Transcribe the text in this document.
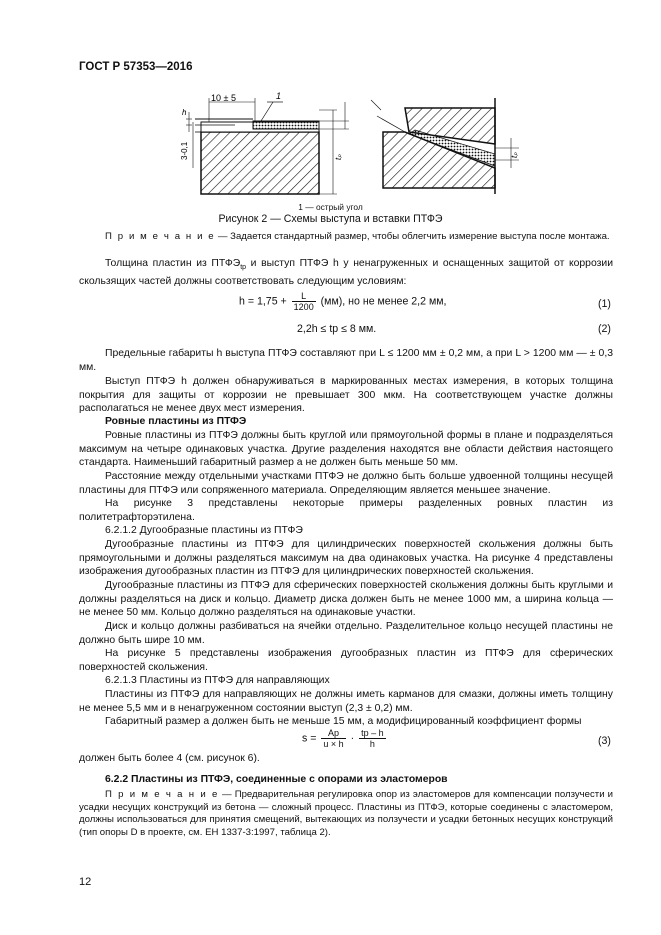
ГОСТ Р 57353—2016
10 ± 5	1
h
3-0,1	tₚ	tₚ
1 — острый угол
Рисунок 2 — Схемы выступа и вставки ПТФЭ
П р и м е ч а н и е — Задается стандартный размер, чтобы облегчить измерение выступа после монтажа.
Толщина пластин из $ПТФЭ_{tp}$ и выступ ПТФЭ h у ненагруженных и оснащенных защитой от коррозии скользящих частей должны соответствовать следующим условиям:
$h = 1,75 + \frac{L}{1200} (мм)$, но не менее 2,2 мм,	(1)
2,2h ≤ tp ≤ 8 мм.	(2)
Предельные габариты h выступа ПТФЭ составляют при L ≤ 1200 мм ± 0,2 мм, а при L > 1200 мм — ± 0,3 мм.
Выступ ПТФЭ h должен обнаруживаться в маркированных местах измерения, в которых толщина покрытия для защиты от коррозии не превышает 300 мкм. На соответствующем участке должны располагаться не менее двух мест измерения.
Ровные пластины из ПТФЭ
Ровные пластины из ПТФЭ должны быть круглой или прямоугольной формы в плане и подразделяться максимум на четыре одинаковых участка. Другие разделения находятся вне области действия настоящего стандарта. Наименьший габаритный размер a не должен быть меньше 50 мм.
Расстояние между отдельными участками ПТФЭ не должно быть больше удвоенной толщины несущей пластины для ПТФЭ или сопряженного материала. Определяющим является меньшее значение.
На рисунке 3 представлены некоторые примеры разделенных ровных пластин из политетрафторэтилена.
6.2.1.2 Дугообразные пластины из ПТФЭ
Дугообразные пластины из ПТФЭ для цилиндрических поверхностей скольжения должны быть прямоугольными и должны разделяться максимум на два одинаковых участка. На рисунке 4 представлены изображения дугообразных пластин из ПТФЭ для цилиндрических поверхностей скольжения.
Дугообразные пластины из ПТФЭ для сферических поверхностей скольжения должны быть круглыми и должны разделяться на диск и кольцо. Диаметр диска должен быть не менее 1000 мм, а ширина кольца — не менее 50 мм. Кольцо должно разделяться на одинаковые участки.
Диск и кольцо должны разбиваться на ячейки отдельно. Разделительное кольцо несущей пластины не должно быть шире 10 мм.
На рисунке 5 представлены изображения дугообразных пластин из ПТФЭ для сферических поверхностей скольжения.
6.2.1.3 Пластины из ПТФЭ для направляющих
Пластины из ПТФЭ для направляющих не должны иметь карманов для смазки, должны иметь толщину не менее 5,5 мм и в ненагруженном состоянии выступ (2,3 ± 0,2) мм.
Габаритный размер a должен быть не меньше 15 мм, а модифицированный коэффициент формы
$s = \frac{Ap}{u \times h} \cdot \frac{tp - h}{h}$	(3)
должен быть более 4 (см. рисунок 6).
6.2.2 Пластины из ПТФЭ, соединенные с опорами из эластомеров
П р и м е ч а н и е — Предварительная регулировка опор из эластомеров для компенсации ползучести и усадки несущих конструкций из бетона — сложный процесс. Пластины из ПТФЭ, которые соединены с эластомером, должны использоваться для принятия смещений, вытекающих из ползучести и усадки бетонных несущих конструкций (тип опоры D в проекте, см. ЕН 1337-3:1997, таблица 2).
12
